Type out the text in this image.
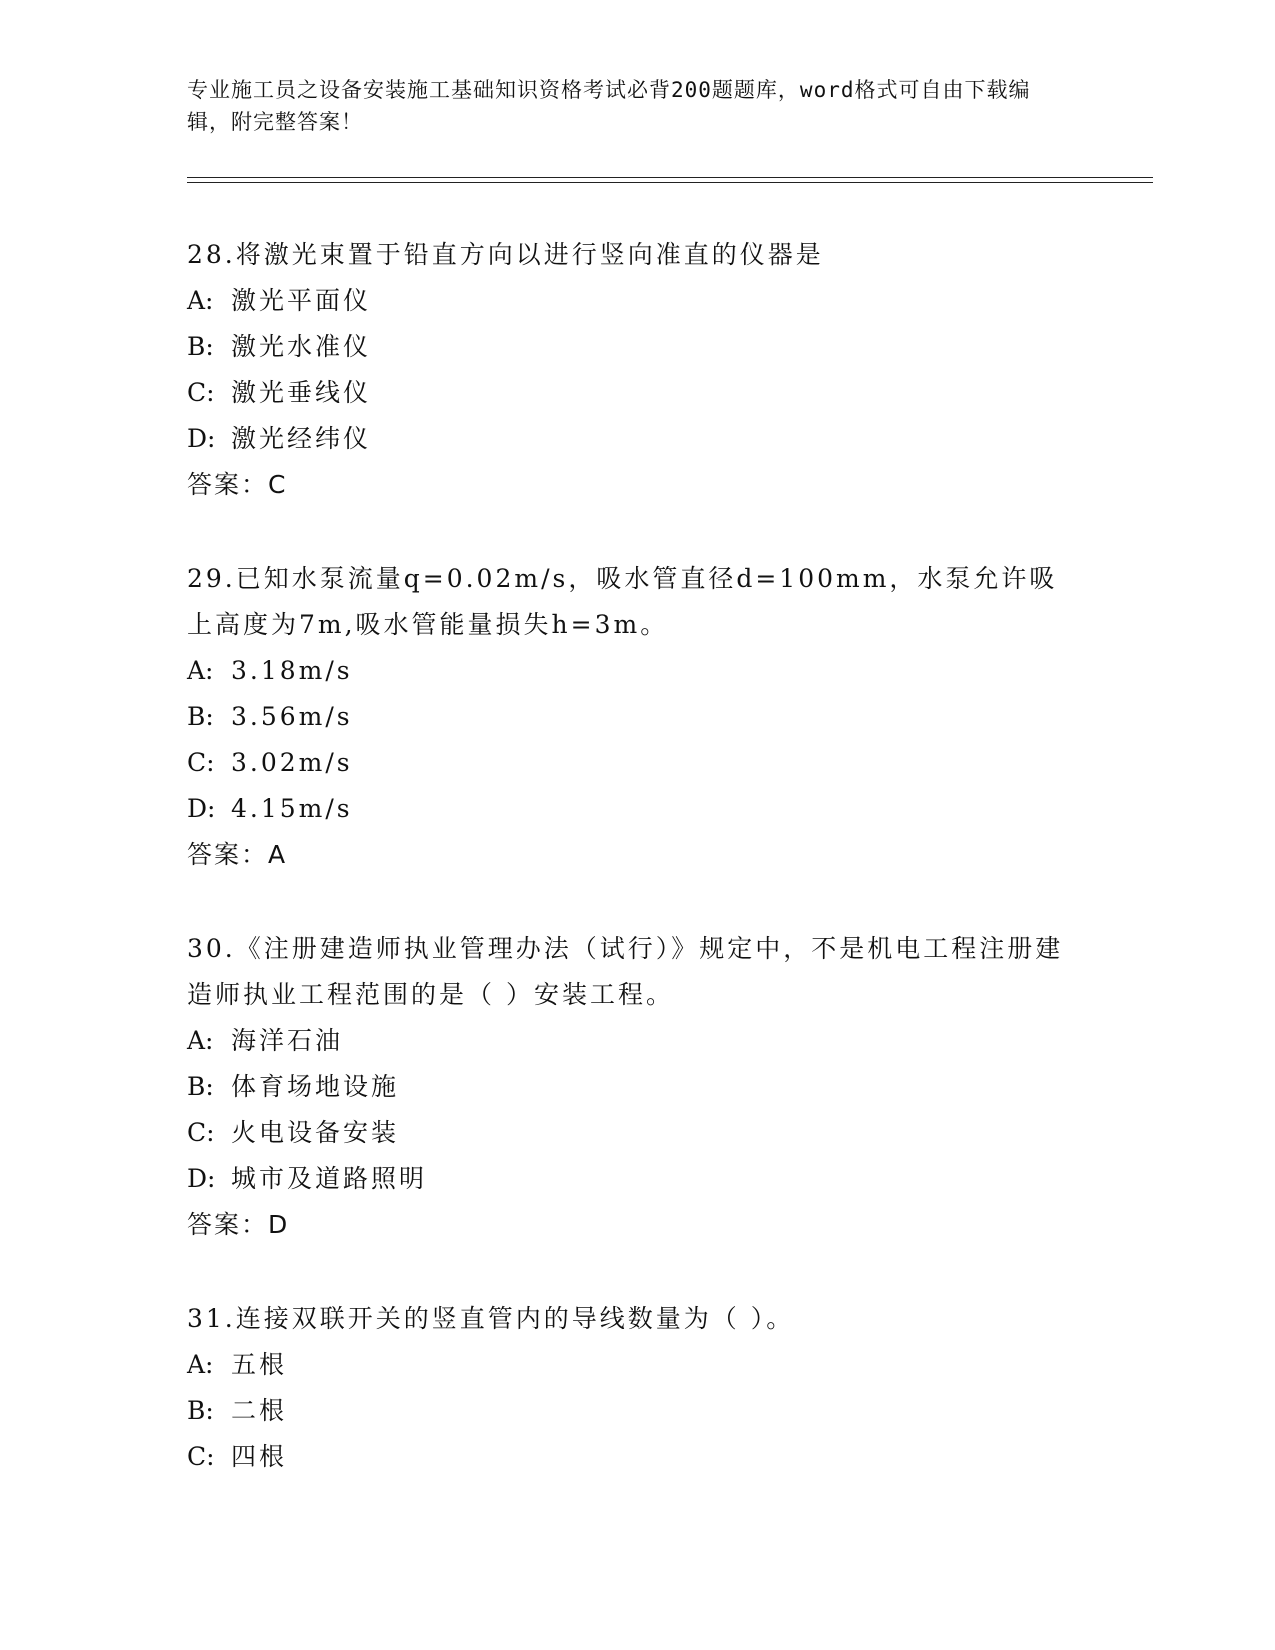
专业施工员之设备安装施工基础知识资格考试必背200题题库，word格式可自由下载编辑，附完整答案！
28.将激光束置于铅直方向以进行竖向准直的仪器是
A: 激光平面仪
B: 激光水准仪
C: 激光垂线仪
D: 激光经纬仪
答案：C
29.已知水泵流量q=0.02m/s，吸水管直径d=100mm，水泵允许吸上高度为7m,吸水管能量损失h=3m。
A: 3.18m/s
B: 3.56m/s
C: 3.02m/s
D: 4.15m/s
答案：A
30.《注册建造师执业管理办法（试行）》规定中，不是机电工程注册建造师执业工程范围的是（ ）安装工程。
A: 海洋石油
B: 体育场地设施
C: 火电设备安装
D: 城市及道路照明
答案：D
31.连接双联开关的竖直管内的导线数量为（ ）。
A: 五根
B: 二根
C: 四根
